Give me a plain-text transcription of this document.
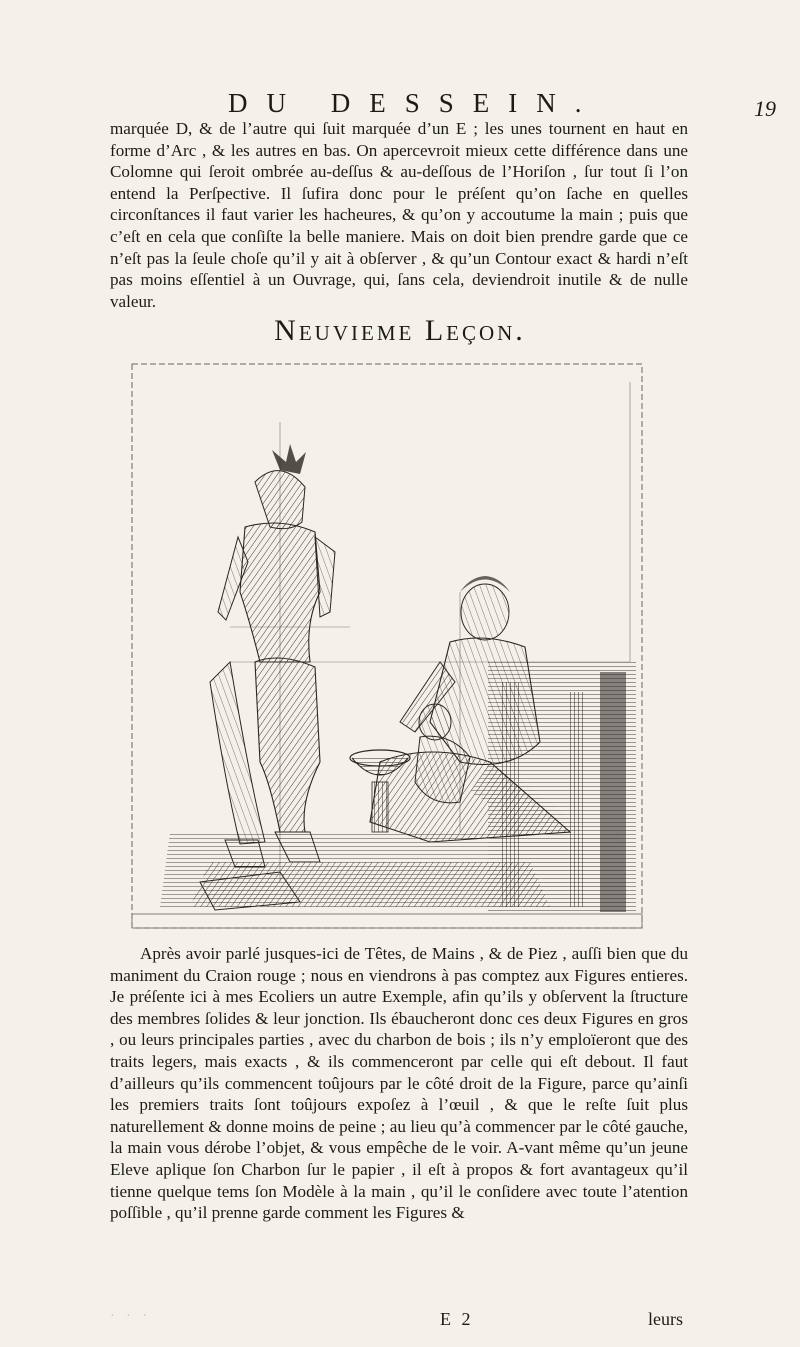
DU DESSEIN.	19

marquée D, & de l’autre qui ſuit marquée d’un E ; les unes tournent en haut en forme d’Arc , & les autres en bas. On apercevroit mieux cette différence dans une Colomne qui ſeroit ombrée au-deſſus & au-deſſous de l’Horiſon , ſur tout ſi l’on entend la Perſpective. Il ſufira donc pour le préſent qu’on ſache en quelles circonſtances il faut varier les hacheures, & qu’on y accoutume la main ; puis que c’eſt en cela que conſiſte la belle maniere. Mais on doit bien prendre garde que ce n’eſt pas la ſeule choſe qu’il y ait à obſerver , & qu’un Contour exact & hardi n’eſt pas moins eſſentiel à un Ouvrage, qui, ſans cela, deviendroit inutile & de nulle valeur.

Neuvieme Leçon.

Après avoir parlé jusques-ici de Têtes, de Mains , & de Piez , auſſi bien que du maniment du Craion rouge ; nous en viendrons à pas comptez aux Figures entieres. Je préſente ici à mes Ecoliers un autre Exemple, afin qu’ils y obſervent la ſtructure des membres ſolides & leur jonction. Ils ébaucheront donc ces deux Figures en gros , ou leurs principales parties , avec du charbon de bois ; ils n’y emploïeront que des traits legers, mais exacts , & ils commenceront par celle qui eſt debout. Il faut d’ailleurs qu’ils commencent toûjours par le côté droit de la Figure, parce qu’ainſi les premiers traits ſont toûjours expoſez à l’œuil , & que le reſte ſuit plus naturellement & donne moins de peine ; au lieu qu’à commencer par le côté gauche, la main vous dérobe l’objet, & vous empêche de le voir. A-vant même qu’un jeune Eleve aplique ſon Charbon ſur le papier , il eſt à propos & fort avantageux qu’il tienne quelque tems ſon Modèle à la main , qu’il le conſidere avec toute l’atention poſſible , qu’il prenne garde comment les Figures &

· · ·	E 2	leurs
